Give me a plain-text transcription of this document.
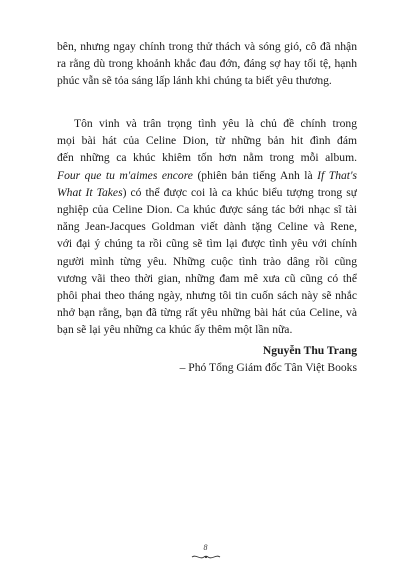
bên, nhưng ngay chính trong thử thách và sóng gió, cô đã nhận
ra rằng dù trong khoảnh khắc đau đớn, đáng sợ hay tối tệ, hạnh
phúc vẫn sẽ tỏa sáng lấp lánh khi chúng ta biết yêu thương.
Tôn vinh và trân trọng tình yêu là chủ đề chính trong
mọi bài hát của Celine Dion, từ những bản hit đình đám
đến những ca khúc khiêm tốn hơn nằm trong mỗi album.
Four que tu m'aimes encore (phiên bản tiếng Anh là If That's
What It Takes) có thể được coi là ca khúc biểu tượng trong sự
nghiệp của Celine Dion. Ca khúc được sáng tác bởi nhạc sĩ tài
năng Jean-Jacques Goldman viết dành tặng Celine và Rene,
với đại ý chúng ta rồi cũng sẽ tìm lại được tình yêu với chính
người mình từng yêu. Những cuộc tình trào dâng rồi cũng
vương vãi theo thời gian, những đam mê xưa cũ cũng có thể
phôi phai theo tháng ngày, nhưng tôi tin cuốn sách này sẽ nhắc
nhở bạn rằng, bạn đã từng rất yêu những bài hát của Celine, và
bạn sẽ lại yêu những ca khúc ấy thêm một lần nữa.
Nguyễn Thu Trang
– Phó Tổng Giám đốc Tân Việt Books
8
